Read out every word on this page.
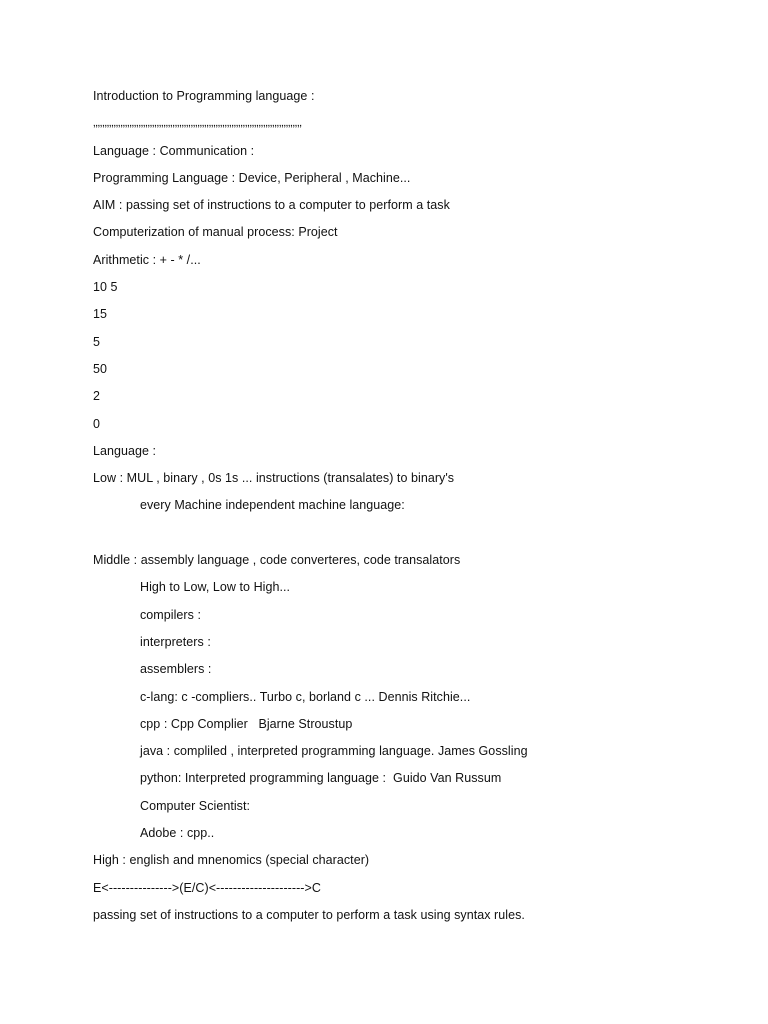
Introduction to Programming language :
‚‚‚‚‚‚‚‚‚‚‚‚‚‚‚‚‚‚‚‚‚‚‚‚‚‚‚‚‚‚‚‚‚‚‚‚‚‚‚‚‚‚‚‚‚‚‚‚‚‚‚‚‚‚‚‚‚‚‚‚‚‚‚‚‚‚‚‚‚‚‚‚‚‚‚‚‚‚‚‚‚‚‚‚‚‚‚‚‚‚‚‚
Language : Communication :
Programming Language : Device, Peripheral , Machine...
AIM : passing set of instructions to a computer to perform a task
Computerization of manual process: Project
Arithmetic : + - * /...
10 5
15
5
50
2
0
Language :
Low : MUL , binary , 0s 1s ... instructions (transalates) to binary's
every Machine independent machine language:
Middle : assembly language , code converteres, code transalators
High to Low, Low to High...
compilers :
interpreters :
assemblers :
c-lang: c -compliers.. Turbo c, borland c ... Dennis Ritchie...
cpp : Cpp Complier   Bjarne Stroustup
java : compliled , interpreted programming language. James Gossling
python: Interpreted programming language :  Guido Van Russum
Computer Scientist:
Adobe : cpp..
High : english and mnenomics (special character)
E<--------------->(E/C)<--------------------->C
passing set of instructions to a computer to perform a task using syntax rules.
